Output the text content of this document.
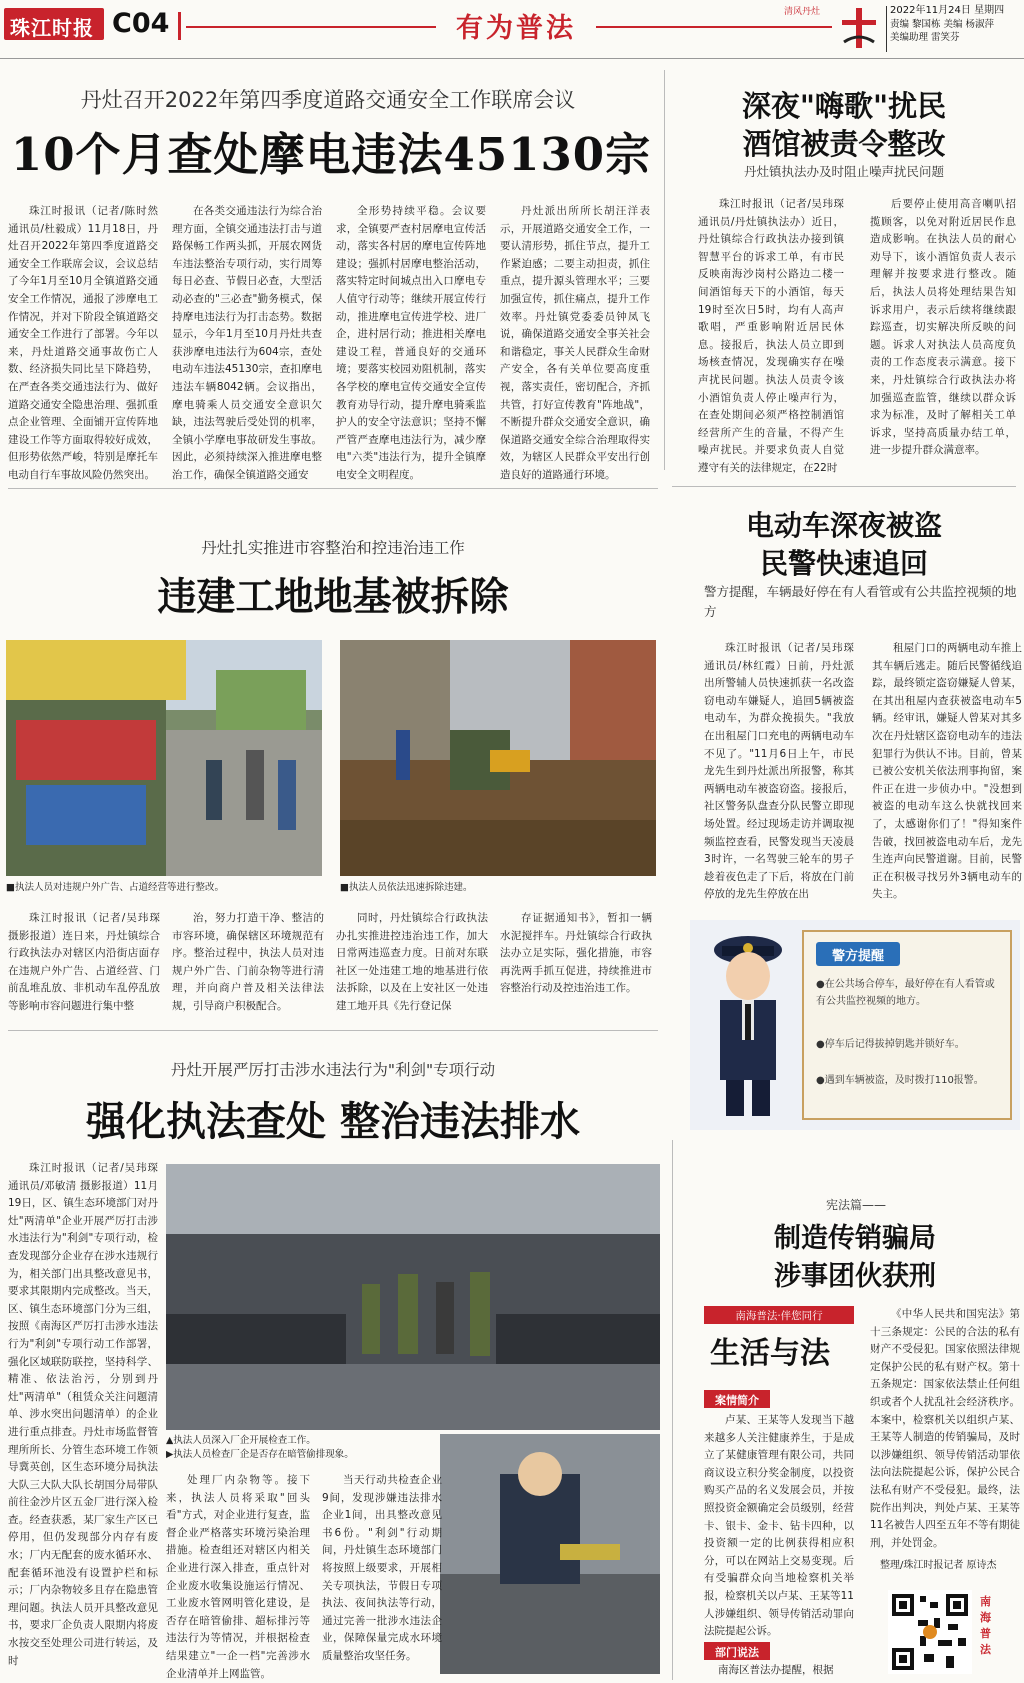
珠江时报 C04	有为普法
清风丹灶	2022年11月24日 星期四
责编 黎国栋 美编 杨淑萍
美编助理 雷笑芬
丹灶召开2022年第四季度道路交通安全工作联席会议
10个月查处摩电违法45130宗

珠江时报讯（记者/陈时然 通讯员/杜毅成）11月18日，丹灶召开2022年第四季度道路交通安全工作联席会议，会议总结了今年1月至10月全镇道路交通安全工作情况，通报了涉摩电工作情况，并对下阶段全镇道路交通安全工作进行了部署。今年以来，丹灶道路交通事故伤亡人数、经济损失同比呈下降趋势，在严查各类交通违法行为、做好道路交通安全隐患治理、强抓重点企业管理、全面铺开宣传阵地建设工作等方面取得较好成效，但形势依然严峻，特别是摩托车电动自行车事故风险仍然突出。

在各类交通违法行为综合治理方面，全镇交通违法打击与道路保畅工作两头抓，开展农网货车违法整治专项行动，实行周筹每日必查、节假日必查，大型活动必查的"三必查"勤务模式，保持摩电违法行为打击态势。数据显示，今年1月至10月丹灶共查获涉摩电违法行为604宗，查处电动车违法45130宗，查扣摩电违法车辆8042辆。会议指出，摩电骑乘人员交通安全意识欠缺，违法驾驶后受处罚的机率，全镇小学摩电事故研发生事故。因此，必须持续深入推进摩电整治工作，确保全镇道路交通安

全形势持续平稳。会议要求，全镇要严查村居摩电宣传活动，落实各村居的摩电宣传阵地建设；强抓村居摩电整治活动，落实特定时间城点出入口摩电专人值守行动等；继续开展宣传行动，推进摩电宣传进学校、进厂企，进村居行动；推进相关摩电建设工程，普通良好的交通环境；要落实校园劝阻机制，落实各学校的摩电宣传交通安全宣传教育劝导行动，提升摩电骑乘监护人的安全守法意识；坚持不懈严管严查摩电违法行为，减少摩电"六类"违法行为，提升全镇摩电安全文明程度。

丹灶派出所所长胡汪洋表示，开展道路交通安全工作，一要认清形势，抓住节点，提升工作紧迫感；二要主动担责，抓住重点，提升源头管理水平；三要加强宣传，抓住痛点，提升工作效率。丹灶镇党委委员钟凤飞说，确保道路交通安全事关社会和谐稳定，事关人民群众生命财产安全，各有关单位要高度重视，落实责任，密切配合，齐抓共管，打好宣传教育"阵地战"，不断提升群众交通安全意识，确保道路交通安全综合治理取得实效，为辖区人民群众平安出行创造良好的道路通行环境。

深夜"嗨歌"扰民
酒馆被责令整改
丹灶镇执法办及时阻止噪声扰民问题

珠江时报讯（记者/吴玮琛 通讯员/丹灶镇执法办）近日，丹灶镇综合行政执法办接到镇智慧平台的诉求工单，有市民反映南海沙岗村公路边二楼一间酒馆每天下的小酒馆，每天19时至次日5时，均有人高声歌唱，严重影响附近居民休息。接报后，执法人员立即到场核查情况，发现确实存在噪声扰民问题。执法人员责令该小酒馆负责人停止噪声行为，在查处期间必须严格控制酒馆经营所产生的音量，不得产生噪声扰民。并要求负责人自觉遵守有关的法律规定，在22时

后要停止使用高音喇叭招揽顾客，以免对附近居民作息造成影响。在执法人员的耐心劝导下，该小酒馆负责人表示理解并按要求进行整改。随后，执法人员将处理结果告知诉求用户，表示后续将继续跟踪巡查，切实解决所反映的问题。诉求人对执法人员高度负责的工作态度表示满意。接下来，丹灶镇综合行政执法办将加强巡查监管，继续以群众诉求为标准，及时了解相关工单诉求，坚持高质量办结工单，进一步提升群众满意率。

丹灶扎实推进市容整治和控违治违工作
违建工地地基被拆除
■执法人员对违规户外广告、占道经营等进行整改。	■执法人员依法迅速拆除违建。

珠江时报讯（记者/吴玮琛 摄影报道）连日来，丹灶镇综合行政执法办对辖区内沿街店面存在违规户外广告、占道经营、门前乱堆乱放、非机动车乱停乱放等影响市容问题进行集中整

治，努力打造干净、整洁的市容环境，确保辖区环境规范有序。整治过程中，执法人员对违规户外广告、门前杂物等进行清理，并向商户普及相关法律法规，引导商户积极配合。

同时，丹灶镇综合行政执法办扎实推进控违治违工作，加大日常两违巡查力度。日前对东联社区一处违建工地的地基进行依法拆除，以及在上安社区一处违建工地开具《先行登记保

存证据通知书》，暂扣一辆水泥搅拌车。丹灶镇综合行政执法办立足实际，强化措施，市容再洗两手抓互促进，持续推进市容整治行动及控违治违工作。

电动车深夜被盗
民警快速追回
警方提醒，车辆最好停在有人看管或有公共监控视频的地方

珠江时报讯（记者/吴玮琛 通讯员/林红霞）日前，丹灶派出所警辅人员快速抓获一名改盗窃电动车嫌疑人，追回5辆被盗电动车，为群众挽损失。"我放在出租屋门口充电的两辆电动车不见了。"11月6日上午，市民龙先生到丹灶派出所报警，称其两辆电动车被盗窃盗。接报后，社区警务队盘查分队民警立即现场处置。经过现场走访并调取视频监控查看，民警发现当天凌晨3时许，一名驾驶三轮车的男子趁着夜色走了下后，将放在门前停放的龙先生停放在出

租屋门口的两辆电动车推上其车辆后逃走。随后民警循线追踪，最终锁定盗窃嫌疑人曾某，在其出租屋内查获被盗电动车5辆。经审讯，嫌疑人曾某对其多次在丹灶辖区盗窃电动车的违法犯罪行为供认不讳。目前，曾某已被公安机关依法刑事拘留，案件正在进一步侦办中。"没想到被盗的电动车这么快就找回来了，太感谢你们了！"得知案件告破，找回被盗电动车后，龙先生连声向民警道谢。目前，民警正在积极寻找另外3辆电动车的失主。

警方提醒
●在公共场合停车，最好停在有人看管或有公共监控视频的地方。
●停车后记得拔掉钥匙并锁好车。
●遇到车辆被盗，及时拨打110报警。
丹灶开展严厉打击涉水违法行为"利剑"专项行动
强化执法查处 整治违法排水
▲执法人员深入厂企开展检查工作。
▶执法人员检查厂企是否存在暗管偷排现象。

珠江时报讯（记者/吴玮琛 通讯员/邓敏清 摄影报道）11月19日，区、镇生态环境部门对丹灶"两清单"企业开展严厉打击涉水违法行为"利剑"专项行动，检查发现部分企业存在涉水违规行为，相关部门出具整改意见书，要求其限期内完成整改。当天，区、镇生态环境部门分为三组，按照《南海区严厉打击涉水违法行为"利剑"专项行动工作部署，强化区域联防联控，坚持科学、精准、依法治污，分别到丹灶"两清单"（租赁众关注问题清单、涉水突出问题清单）的企业进行重点排查。丹灶市场监督管理所所长、分管生态环境工作领导冀英创，区生态环境分局执法大队三大队大队长胡国分局带队前往金沙片区五金厂进行深入检查。经查获悉，某厂家生产区已停用，但仍发现部分内存有废水；厂内无配套的废水循环水、配套循环池没有设置护栏和标示；厂内杂物较多且存在隐患管理问题。执法人员开具整改意见书，要求厂企负责人限期内将废水按交至处理公司进行转运，及时

处理厂内杂物等。接下来，执法人员将采取"回头看"方式，对企业进行复查，监督企业严格落实环境污染治理措施。检查组还对辖区内相关企业进行深入排查，重点针对企业废水收集设施运行情况、工业废水管网明管化建设，是否存在暗管偷排、超标排污等违法行为等情况，并根据检查结果建立"一企一档"完善涉水企业清单并上网监管。

当天行动共检查企业9间，发现涉嫌违法排水企业1间，出具整改意见书6份。"利剑"行动期间，丹灶镇生态环境部门将按照上级要求，开展相关专项执法，节假日专项执法、夜间执法等行动，通过完善一批涉水违法企业，保障保量完成水环境质量整治攻坚任务。

宪法篇——
制造传销骗局
涉事团伙获刑
南海普法·伴您同行
生活与法
案情简介

卢某、王某等人发现当下越来越多人关注健康养生，于是成立了某健康管理有限公司，共同商议设立积分奖金制度，以投资购买产品的名义发展会员，并按照投资金额确定会员级别，经营卡、银卡、金卡、钻卡四种，以投资额一定的比例获得相应积分，可以在网站上交易变现。后有受骗群众向当地检察机关举报，检察机关以卢某、王某等11人涉嫌组织、领导传销活动罪向法院提起公诉。

部门说法
南海区普法办提醒，根据

《中华人民共和国宪法》第十三条规定：公民的合法的私有财产不受侵犯。国家依照法律规定保护公民的私有财产权。第十五条规定：国家依法禁止任何组织或者个人扰乱社会经济秩序。本案中，检察机关以组织卢某、王某等人制造的传销骗局，及时以涉嫌组织、领导传销活动罪依法向法院提起公诉，保护公民合法私有财产不受侵犯。最终，法院作出判决，判处卢某、王某等11名被告人四至五年不等有期徒刑，并处罚金。

整理/珠江时报记者 原诗杰
南海普法
